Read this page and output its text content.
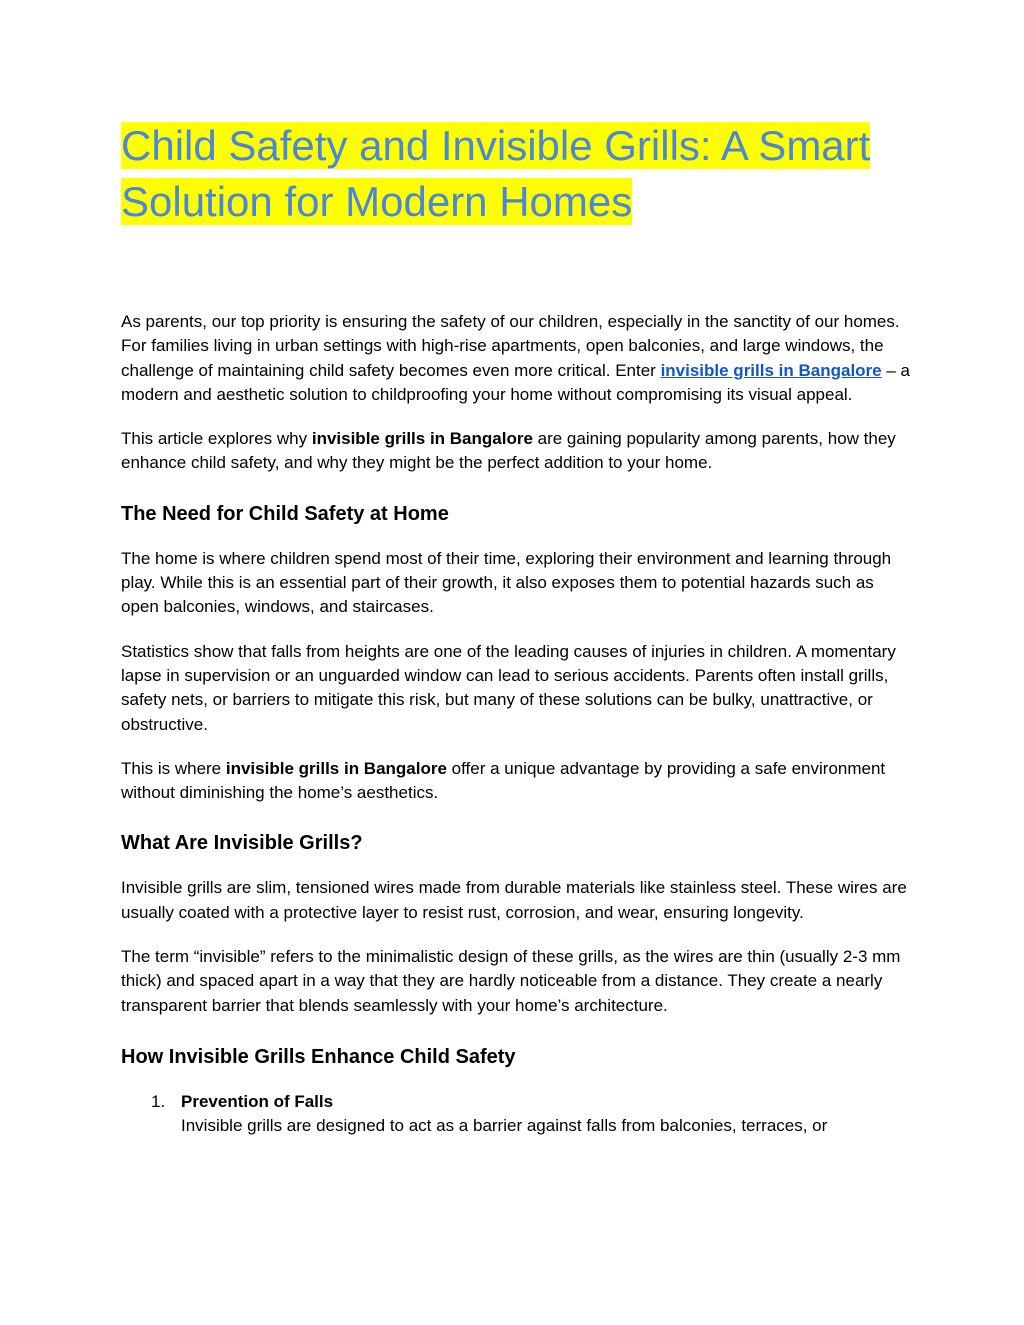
Child Safety and Invisible Grills: A Smart Solution for Modern Homes

As parents, our top priority is ensuring the safety of our children, especially in the sanctity of our homes. For families living in urban settings with high-rise apartments, open balconies, and large windows, the challenge of maintaining child safety becomes even more critical. Enter invisible grills in Bangalore – a modern and aesthetic solution to childproofing your home without compromising its visual appeal.

This article explores why invisible grills in Bangalore are gaining popularity among parents, how they enhance child safety, and why they might be the perfect addition to your home.

The Need for Child Safety at Home

The home is where children spend most of their time, exploring their environment and learning through play. While this is an essential part of their growth, it also exposes them to potential hazards such as open balconies, windows, and staircases.

Statistics show that falls from heights are one of the leading causes of injuries in children. A momentary lapse in supervision or an unguarded window can lead to serious accidents. Parents often install grills, safety nets, or barriers to mitigate this risk, but many of these solutions can be bulky, unattractive, or obstructive.

This is where invisible grills in Bangalore offer a unique advantage by providing a safe environment without diminishing the home’s aesthetics.

What Are Invisible Grills?

Invisible grills are slim, tensioned wires made from durable materials like stainless steel. These wires are usually coated with a protective layer to resist rust, corrosion, and wear, ensuring longevity.

The term “invisible” refers to the minimalistic design of these grills, as the wires are thin (usually 2-3 mm thick) and spaced apart in a way that they are hardly noticeable from a distance. They create a nearly transparent barrier that blends seamlessly with your home’s architecture.

How Invisible Grills Enhance Child Safety
1. Prevention of Falls
Invisible grills are designed to act as a barrier against falls from balconies, terraces, or
